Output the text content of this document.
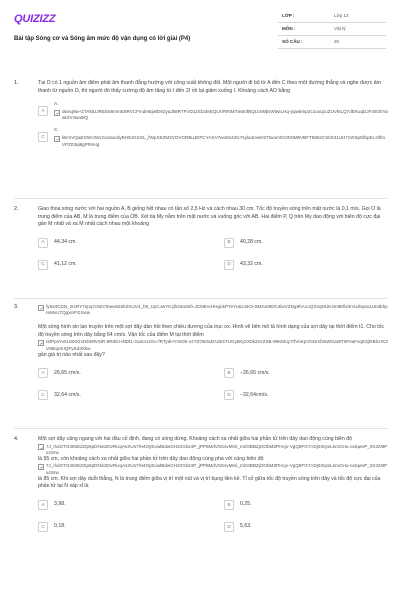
QUIZIZZ
Bài tập Sóng cơ và Sóng âm mức độ vận dụng có lời giải (P4)
LỚP :	Lớp 12
MÔN :	Vật lý
SỐ CÂU :	20
1.	Tại O có 1 nguồn âm điểm phát âm thanh đẳng hướng với công suất không đổi. Một người đi bộ từ A đến C theo một đường thẳng và nghe được âm thanh từ nguồn O, thì người đó thấy cường độ âm tăng từ I đến 2I rồi lại giảm xuống I. Khoảng cách AO bằng
A
A.
dwnq9w-GTAktUJREilxt8mmE5RVCFmde6tjwlD62yaJb8R7FVD11fcl2deEQUVRRtM7xk8ofBQLtmMjEWtwILHq-pqw8mp2c1uxq1uZUVkILQ7dEKuqDJF45ObYaak2V4wa9lQ
C
C.
kEmVQaEGWcWcrzvaSacdyEH9JGSGL_fWpXEZM2VOVGRBuJEPCYAXV7wo0n4Zlc7syla4mwK575xamhGzE9M8VBFT886zCSIlS31UH7cWSpDlbpEc-0lfmVPZ03qi8gPRsHg
2.	Giao thoa sóng nước với hai nguồn A, B giống hệt nhau có tần số 2,5 Hz và cách nhau 30 cm. Tốc độ truyền sóng trên mặt nước là 0,1 m/s. Gọi O là trung điểm của AB, M là trung điểm của OB. Xét tia My nằm trên mặt nước và vuông góc với AB. Hai điểm P, Q trên My dao động với biên độ cực đại gần M nhất và xa M nhất cách nhau một khoảng
A	44,34 cm.	B	40,28 cm.
C	41,12 cm.	D	43,32 cm.
3.	fy634CDN_2tcRY7npq7c9ZxTewv626bZSUV4_h9_UyCJwYKJjh25aS5h-JC68HcHHgnkPYeYu6zJ3Oi-SMzu09DC4lwVZDg9hA1oQX2qNUK4m8EllxlKVuJbqsu1UtvtbhpreMxU7QgxinFGXww
Một sóng hình sin lan truyền trên một sợi dây dàn hồi theo chiều dương của trục ox. Hình vẽ bên mô tả hình dạng của sợi dây tại thời điểm t1. Cho tốc độ truyền sóng trên dây bằng 64 cm/s. Vận tốc của điểm M tại thời điểm
n0PpsYv5USKKh4XbMlVSiR-8Rd5-HNDl1-GuKnxzOo-fRTydHYrSDE-xzTZO52aDA2EsTUGy6KjOX0k2GrZSB-99KMuy7rfVoKpVGDmf3sWGaWT5FeaFvqE3jlXBhzrK3V9btqoKIQFyKd3Xkw
gần giá trị nào nhất sau đây?
A	26,65 cm/s.	B	−26,65 cm/s.
C	32,64 cm/s.	D	−32,64cm/s.
4.	Một sợi dây căng ngang với hai đầu cố định, đang có sóng dừng. Khoảng cách xa nhất giữa hai phần tử trên dây dao động cùng biên độ
7J_rloiOTO4I6IEZztp9pDNot2DvRUqAsXUs7lH4OyEowlBdwGHZzGk24P_jPP8MdV0GsvMml_m2OBBZjOObMZPHcjv-VgQ8FG7ADj03njmLkmGHu-oxtqwvP_0X3zMPx4Srw
là 95 cm, còn khoảng cách xa nhất giữa hai phần tử trên dây dao động cùng pha với cùng biên độ
7J_rloiOTO4I6IEZztp9pDNot2DvRUqAsXUs7lH4OyEowlBdwGHZzGk24P_jPP8MdV0GsvMml_m2OBBZjOObMZPHcjv-VgQ8FG7ADj03njmLkmGHu-oxtqwvP_0X3zMPx4Srw
là 85 cm. Khi sợi dây duỗi thẳng, N là trung điểm giữa vị trí một nút và vị trí bụng liền kề. Tỉ số giữa tốc độ truyền sóng trên dây và tốc độ cực đại của phần tử tại N xấp xỉ là
A	3,98.	B	0,25.
C	0,18.	D	5,63.
